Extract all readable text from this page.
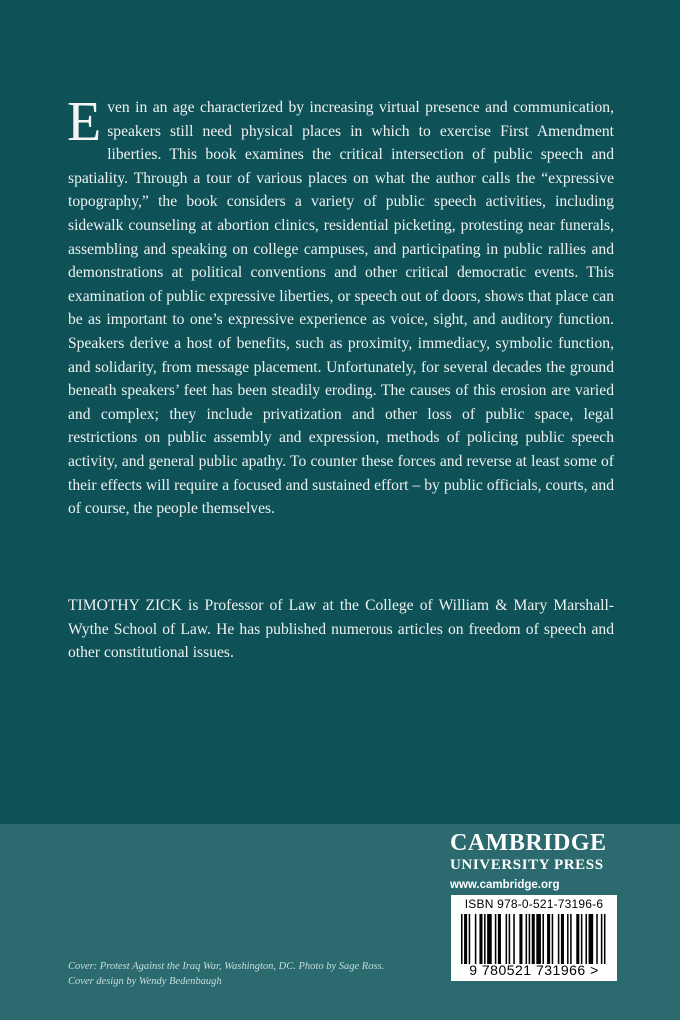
Even in an age characterized by increasing virtual presence and communication, speakers still need physical places in which to exercise First Amendment liberties. This book examines the critical intersection of public speech and spatiality. Through a tour of various places on what the author calls the “expressive topography,” the book considers a variety of public speech activities, including sidewalk counseling at abortion clinics, residential picketing, protesting near funerals, assembling and speaking on college campuses, and participating in public rallies and demonstrations at political conventions and other critical democratic events. This examination of public expressive liberties, or speech out of doors, shows that place can be as important to one’s expressive experience as voice, sight, and auditory function. Speakers derive a host of benefits, such as proximity, immediacy, symbolic function, and solidarity, from message placement. Unfortunately, for several decades the ground beneath speakers’ feet has been steadily eroding. The causes of this erosion are varied and complex; they include privatization and other loss of public space, legal restrictions on public assembly and expression, methods of policing public speech activity, and general public apathy. To counter these forces and reverse at least some of their effects will require a focused and sustained effort – by public officials, courts, and of course, the people themselves.

TIMOTHY ZICK is Professor of Law at the College of William & Mary Marshall-Wythe School of Law. He has published numerous articles on freedom of speech and other constitutional issues.

CAMBRIDGE

UNIVERSITY PRESS

www.cambridge.org

ISBN 978-0-521-73196-6
9 780521 731966 >

Cover: Protest Against the Iraq War, Washington, DC. Photo by Sage Ross.

Cover design by Wendy Bedenbaugh
